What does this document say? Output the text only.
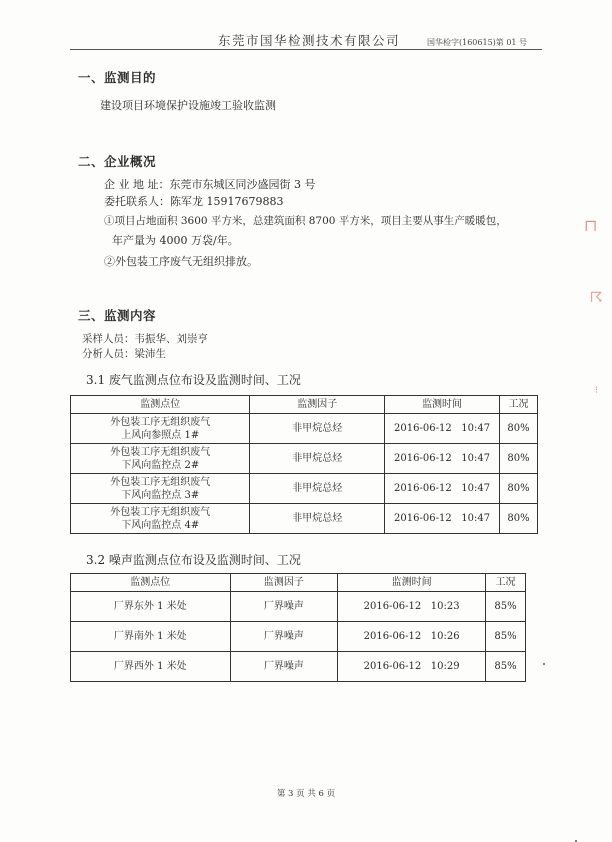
东莞市国华检测技术有限公司	国华检字(160615)第 01 号
一、监测目的
建设项目环境保护设施竣工验收监测
二、企业概况
企 业 地 址：东莞市东城区同沙盛园街 3 号
委托联系人：陈军龙 15917679883
①项目占地面积 3600 平方米，总建筑面积 8700 平方米，项目主要从事生产暖暖包，
年产量为 4000 万袋/年。
②外包装工序废气无组织排放。
三、监测内容
采样人员：韦振华、刘崇亨
分析人员：梁沛生
3.1 废气监测点位布设及监测时间、工况
监测点位	监测因子	监测时间	工况

外包装工序无组织废气
上风向参照点 1#	非甲烷总烃	2016-06-12   10:47	80%

外包装工序无组织废气
下风向监控点 2#	非甲烷总烃	2016-06-12   10:47	80%

外包装工序无组织废气
下风向监控点 3#	非甲烷总烃	2016-06-12   10:47	80%

外包装工序无组织废气
下风向监控点 4#	非甲烷总烃	2016-06-12   10:47	80%
3.2 噪声监测点位布设及监测时间、工况
监测点位	监测因子	监测时间	工况
厂界东外 1 米处	厂界噪声	2016-06-12   10:23	85%
厂界南外 1 米处	厂界噪声	2016-06-12   10:26	85%
厂界西外 1 米处	厂界噪声	2016-06-12   10:29	85%
⊓
☈
⁝
第 3 页 共 6 页
